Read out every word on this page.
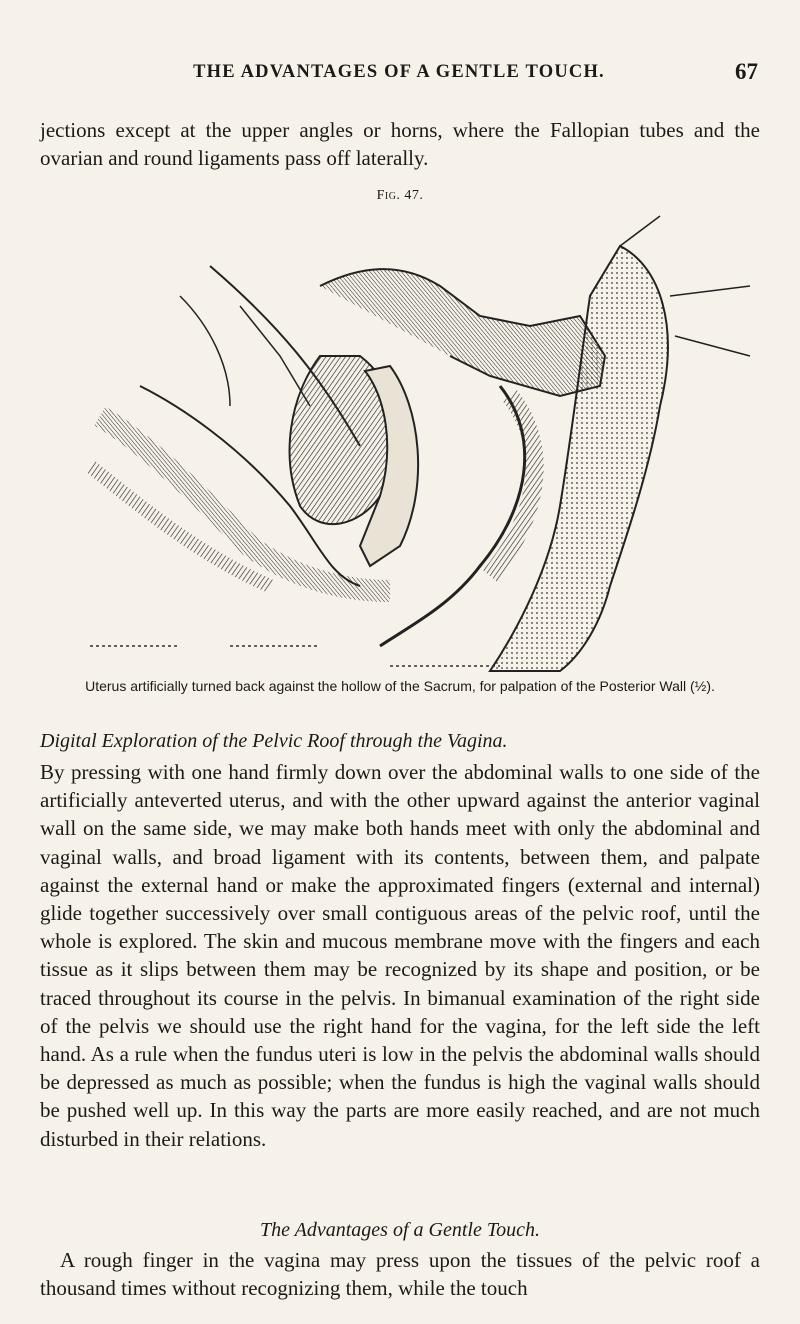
THE ADVANTAGES OF A GENTLE TOUCH.	67
jections except at the upper angles or horns, where the Fallopian tubes and the ovarian and round ligaments pass off laterally.
Fig. 47.
Uterus artificially turned back against the hollow of the Sacrum, for palpation of the Posterior Wall (½).
Digital Exploration of the Pelvic Roof through the Vagina.
By pressing with one hand firmly down over the abdominal walls to one side of the artificially anteverted uterus, and with the other upward against the anterior vaginal wall on the same side, we may make both hands meet with only the abdominal and vaginal walls, and broad ligament with its contents, between them, and palpate against the external hand or make the approximated fingers (external and internal) glide together successively over small contiguous areas of the pelvic roof, until the whole is explored. The skin and mucous membrane move with the fingers and each tissue as it slips between them may be recognized by its shape and position, or be traced throughout its course in the pelvis. In bimanual examination of the right side of the pelvis we should use the right hand for the vagina, for the left side the left hand. As a rule when the fundus uteri is low in the pelvis the abdominal walls should be depressed as much as possible; when the fundus is high the vaginal walls should be pushed well up. In this way the parts are more easily reached, and are not much disturbed in their relations.
The Advantages of a Gentle Touch.
A rough finger in the vagina may press upon the tissues of the pelvic roof a thousand times without recognizing them, while the touch
